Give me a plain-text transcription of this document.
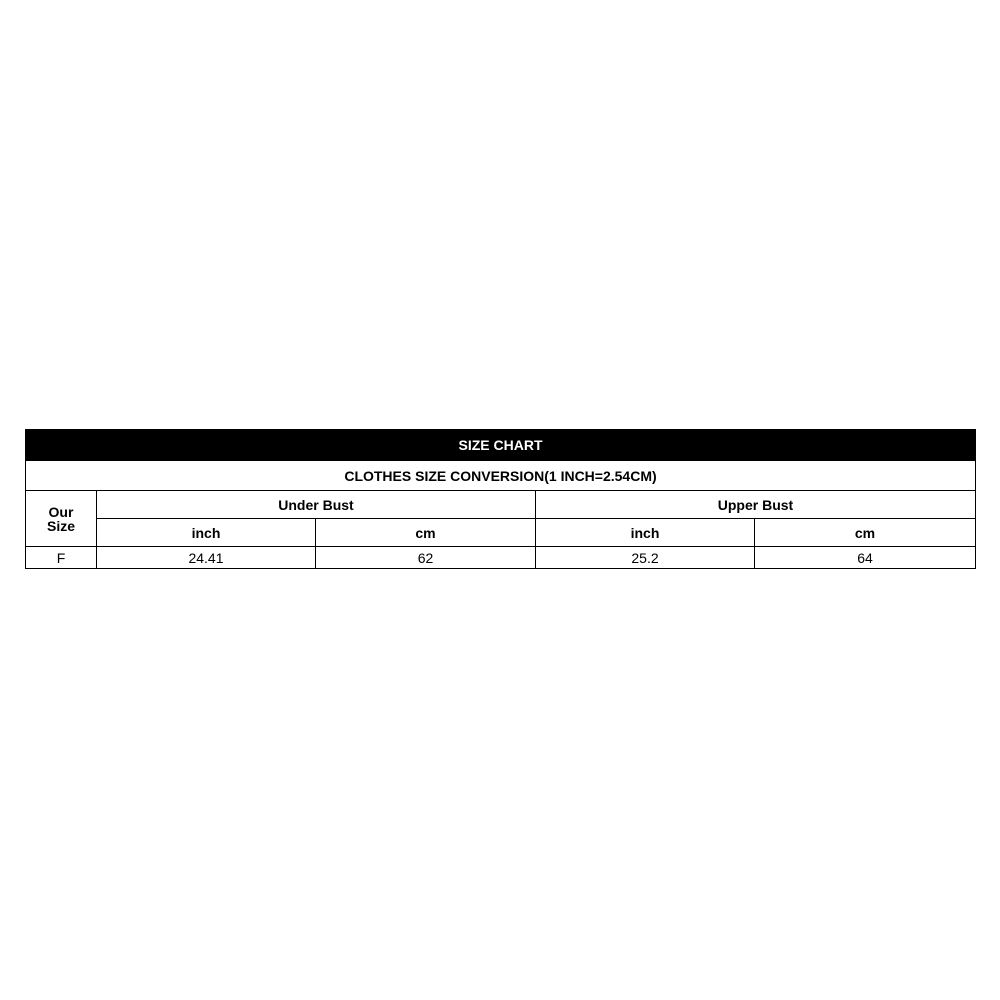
SIZE CHART				
CLOTHES SIZE CONVERSION(1 INCH=2.54CM)				

Our
Size	Under Bust		Upper Bust	
	inch	cm	inch	cm
F	24.41	62	25.2	64
